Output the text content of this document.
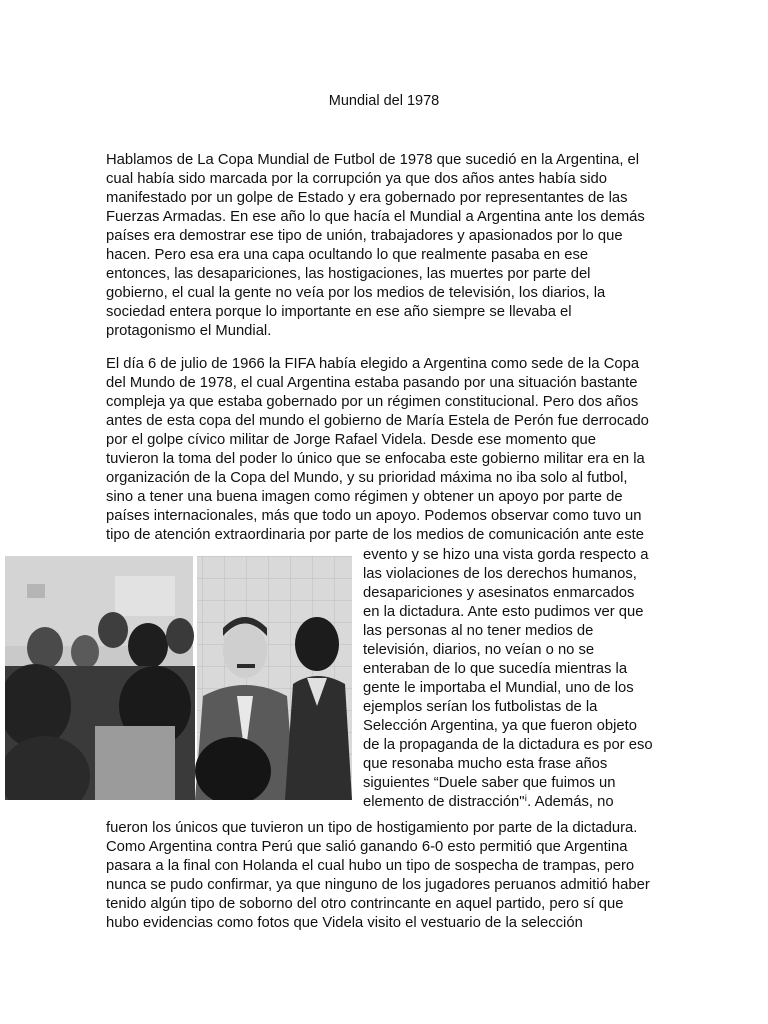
Mundial del 1978
Hablamos de La Copa Mundial de Futbol de 1978 que sucedió en la Argentina, el
cual había sido marcada por la corrupción ya que dos años antes había sido
manifestado por un golpe de Estado y era gobernado por representantes de las
Fuerzas Armadas. En ese año lo que hacía el Mundial a Argentina ante los demás
países era demostrar ese tipo de unión, trabajadores y apasionados por lo que
hacen. Pero esa era una capa ocultando lo que realmente pasaba en ese
entonces, las desapariciones, las hostigaciones, las muertes por parte del
gobierno, el cual la gente no veía por los medios de televisión, los diarios, la
sociedad entera porque lo importante en ese año siempre se llevaba el
protagonismo el Mundial.
El día 6 de julio de 1966 la FIFA había elegido a Argentina como sede de la Copa
del Mundo de 1978, el cual Argentina estaba pasando por una situación bastante
compleja ya que estaba gobernado por un régimen constitucional. Pero dos años
antes de esta copa del mundo el gobierno de María Estela de Perón fue derrocado
por el golpe cívico militar de Jorge Rafael Videla. Desde ese momento que
tuvieron la toma del poder lo único que se enfocaba este gobierno militar era en la
organización de la Copa del Mundo, y su prioridad máxima no iba solo al futbol,
sino a tener una buena imagen como régimen y obtener un apoyo por parte de
países internacionales, más que todo un apoyo. Podemos observar como tuvo un
tipo de atención extraordinaria por parte de los medios de comunicación ante este
evento y se hizo una vista gorda respecto a
las violaciones de los derechos humanos,
desapariciones y asesinatos enmarcados
en la dictadura. Ante esto pudimos ver que
las personas al no tener medios de
televisión, diarios, no veían o no se
enteraban de lo que sucedía mientras la
gente le importaba el Mundial, uno de los
ejemplos serían los futbolistas de la
Selección Argentina, ya que fueron objeto
de la propaganda de la dictadura es por eso
que resonaba mucho esta frase años
siguientes “Duele saber que fuimos un
elemento de distracción"ⁱ. Además, no
fueron los únicos que tuvieron un tipo de hostigamiento por parte de la dictadura.
Como Argentina contra Perú que salió ganando 6-0 esto permitió que Argentina
pasara a la final con Holanda el cual hubo un tipo de sospecha de trampas, pero
nunca se pudo confirmar, ya que ninguno de los jugadores peruanos admitió haber
tenido algún tipo de soborno del otro contrincante en aquel partido, pero sí que
hubo evidencias como fotos que Videla visito el vestuario de la selección
